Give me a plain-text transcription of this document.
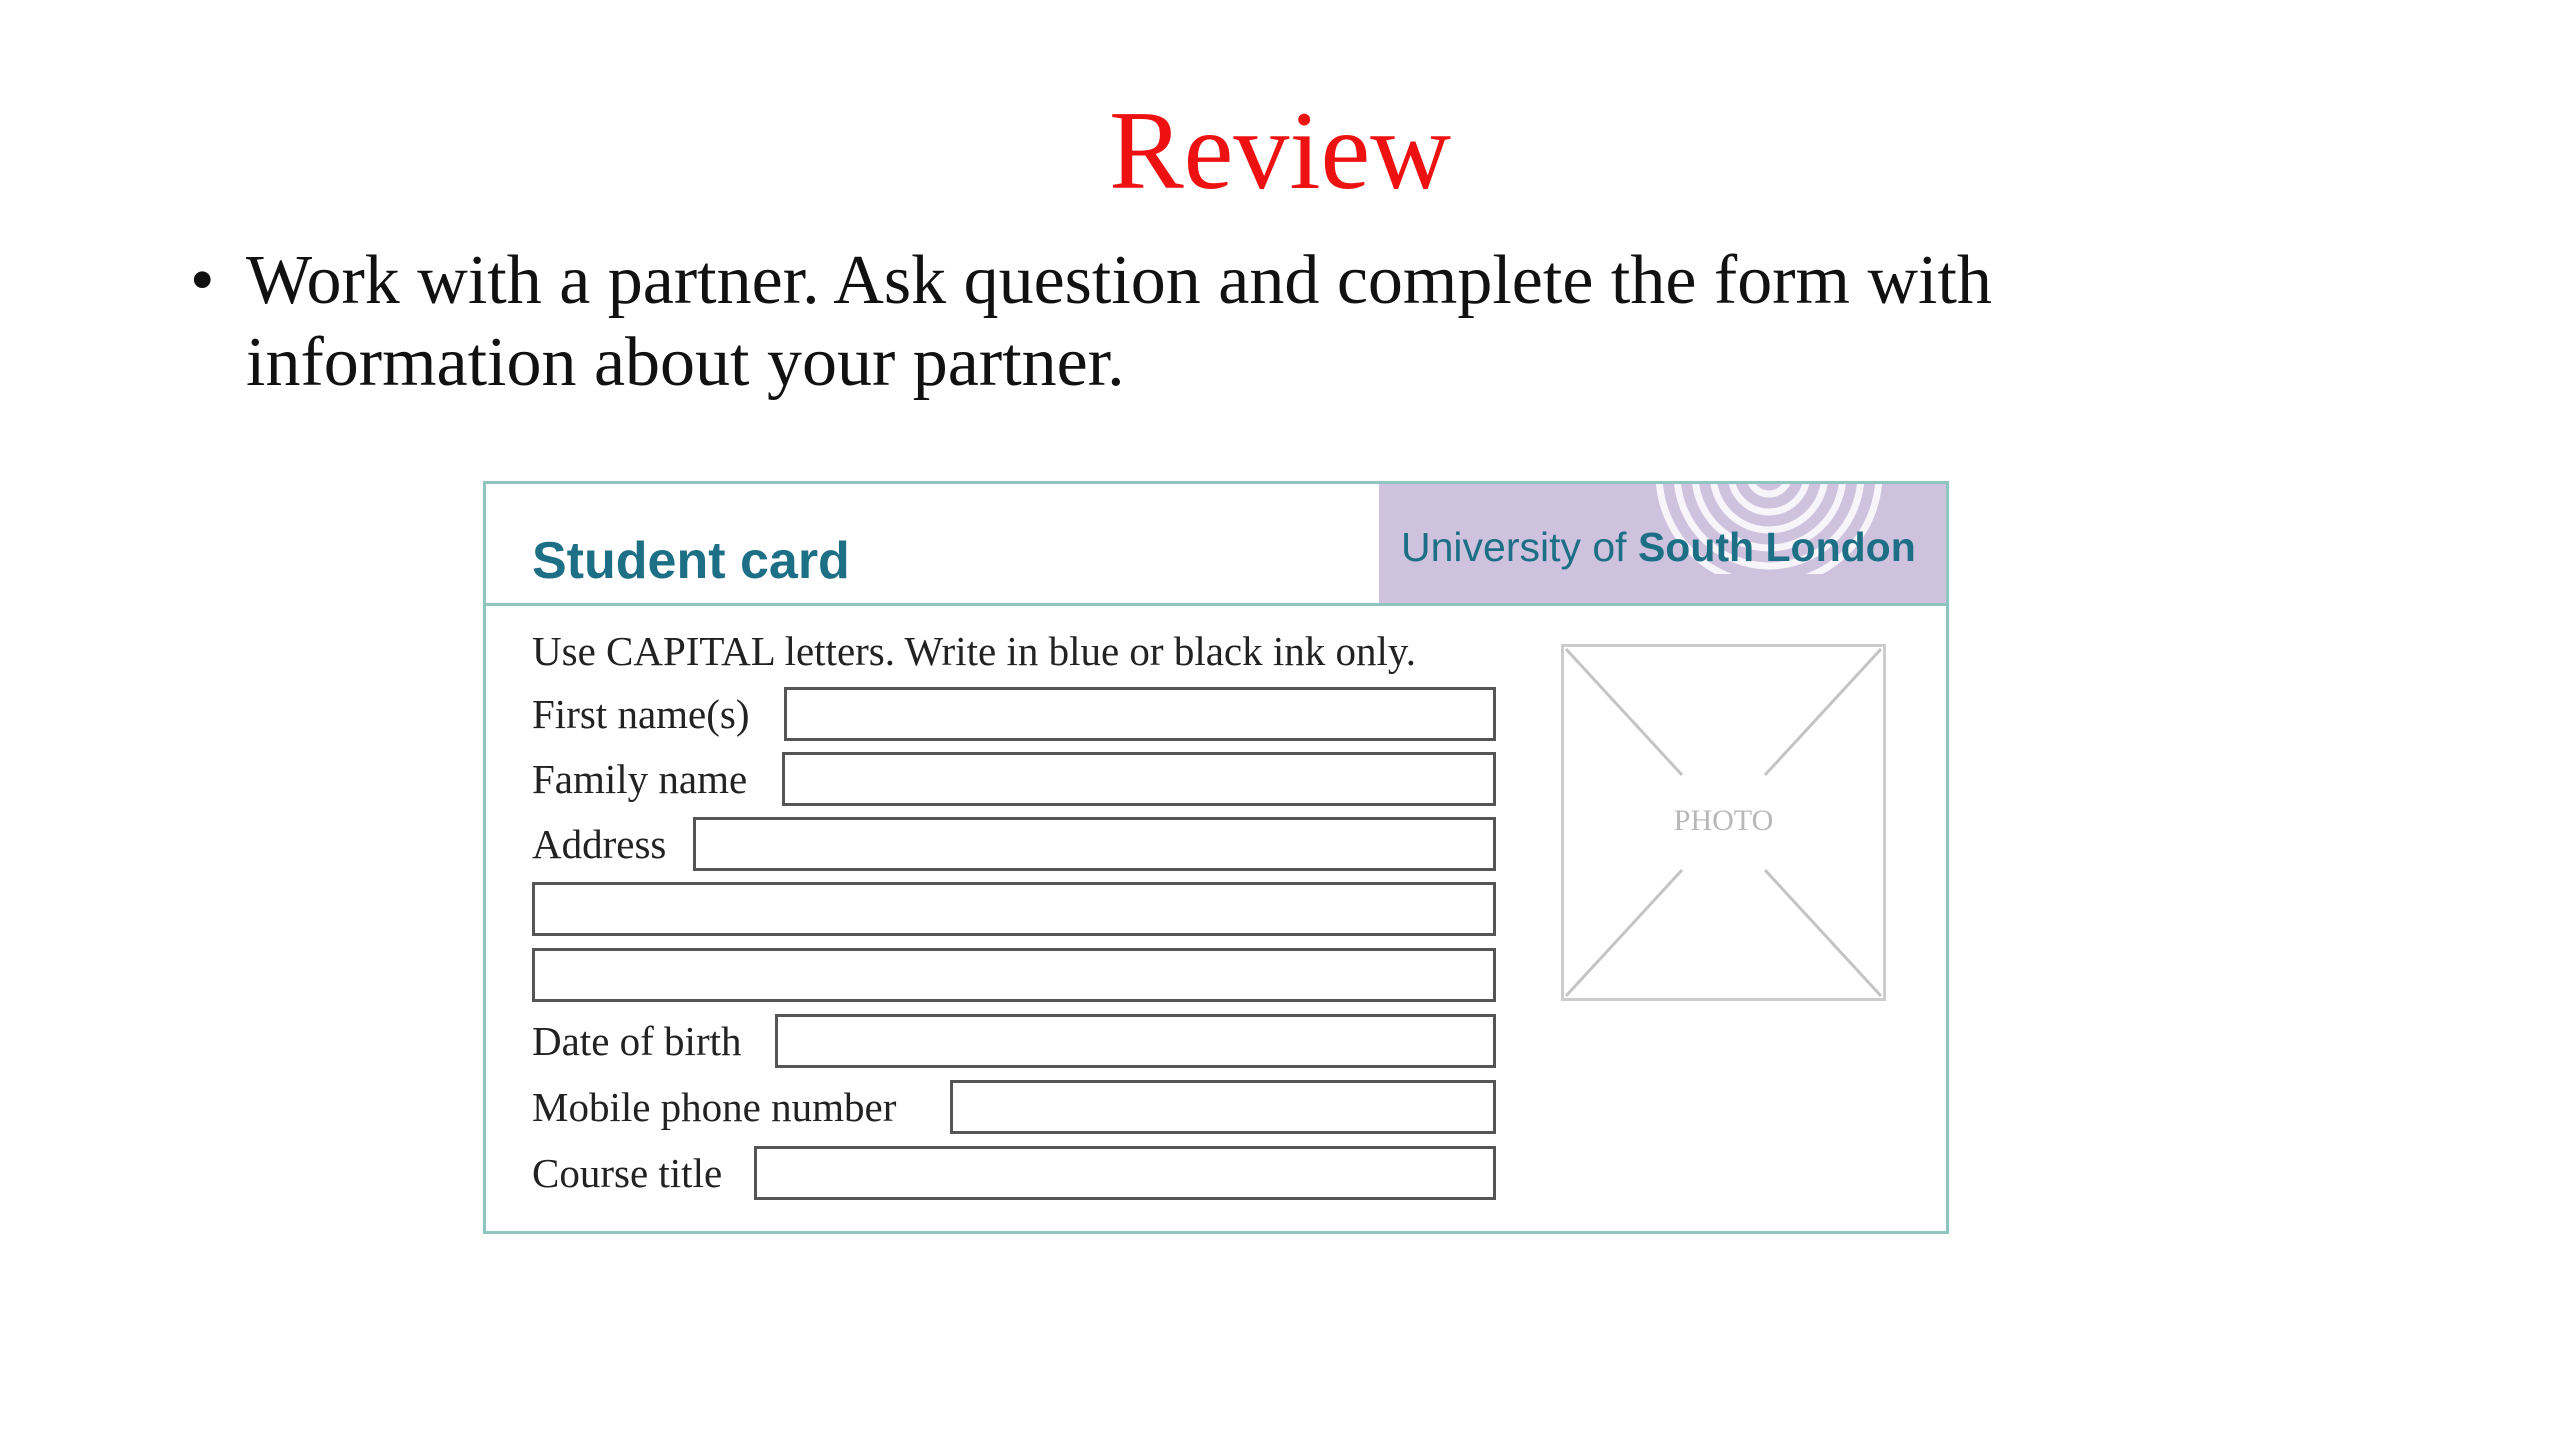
Review
• Work with a partner. Ask question and complete the form with information about your partner.
Student card	University of South London
Use CAPITAL letters. Write in blue or black ink only.
First name(s)
Family name
Address
Date of birth
Mobile phone number
Course title
PHOTO
